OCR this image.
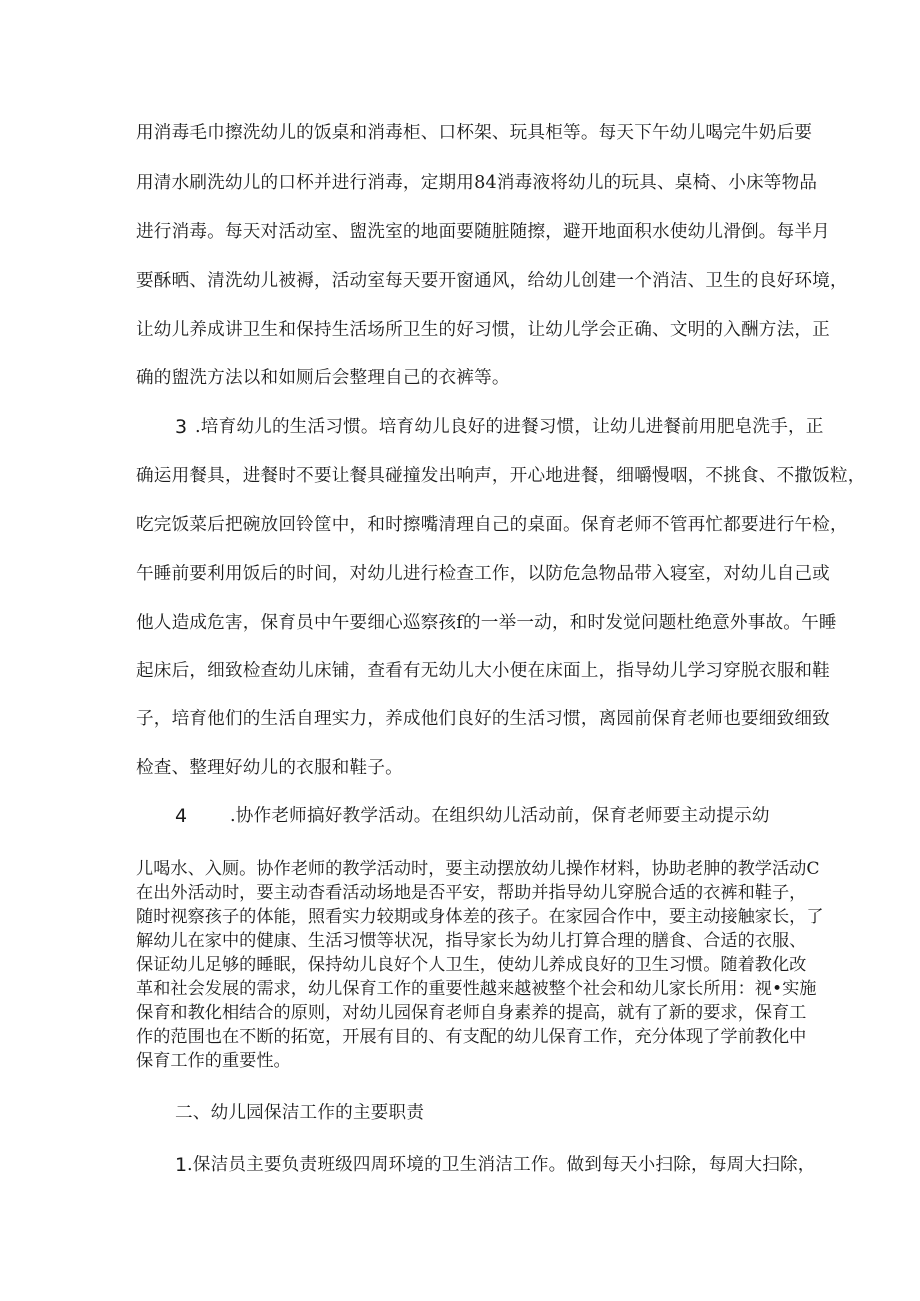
用消毒毛巾擦洗幼儿的饭桌和消毒柜、口杯架、玩具柜等。每天下午幼儿喝完牛奶后要
用清水刷洗幼儿的口杯并进行消毒，定期用84消毒液将幼儿的玩具、桌椅、小床等物品
进行消毒。每天对活动室、盥洗室的地面要随脏随擦，避开地面积水使幼儿滑倒。每半月
要酥晒、清洗幼儿被褥，活动室每天要开窗通风，给幼儿创建一个消洁、卫生的良好环境，
让幼儿养成讲卫生和保持生活场所卫生的好习惯，让幼儿学会正确、文明的入酬方法，正
确的盥洗方法以和如厕后会整理自己的衣裤等。
3 .培育幼儿的生活习惯。培育幼儿良好的进餐习惯，让幼儿进餐前用肥皂洗手，正
确运用餐具，进餐时不要让餐具碰撞发出响声，开心地进餐，细嚼慢咽，不挑食、不撒饭粒，
吃完饭菜后把碗放回铃筐中，和时擦嘴清理自己的桌面。保育老师不管再忙都要进行午检，
午睡前要利用饭后的时间，对幼儿进行检查工作，以防危急物品带入寝室，对幼儿自己或
他人造成危害，保育员中午要细心巡察孩f的一举一动，和时发觉问题杜绝意外事故。午睡
起床后，细致检查幼儿床铺，查看有无幼儿大小便在床面上，指导幼儿学习穿脱衣服和鞋
子，培育他们的生活自理实力，养成他们良好的生活习惯，离园前保育老师也要细致细致
检查、整理好幼儿的衣服和鞋子。
4 .协作老师搞好教学活动。在组织幼儿活动前，保育老师要主动提示幼
儿喝水、入厕。协作老师的教学活动时，要主动摆放幼儿操作材料，协助老胂的教学活动C
在出外活动时，要主动杳看活动场地是否平安，帮助并指导幼儿穿脱合适的衣裤和鞋子，
随时视察孩子的体能，照看实力较期或身体差的孩子。在家园合作中，要主动接触家长，了
解幼儿在家中的健康、生活习惯等状况，指导家长为幼儿打算合理的膳食、合适的衣服、
保证幼儿足够的睡眠，保持幼儿良好个人卫生，使幼儿养成良好的卫生习惯。随着教化改
革和社会发展的需求，幼儿保育工作的重要性越来越被整个社会和幼儿家长所用：视•实施
保育和教化相结合的原则，对幼儿园保育老师自身素养的提高，就有了新的要求，保育工
作的范围也在不断的拓宽，开展有目的、有支配的幼儿保育工作，充分体现了学前教化中
保育工作的重要性。
二、幼儿园保洁工作的主要职责
1 .保洁员主要负责班级四周环境的卫生消洁工作。做到每天小扫除，每周大扫除，
